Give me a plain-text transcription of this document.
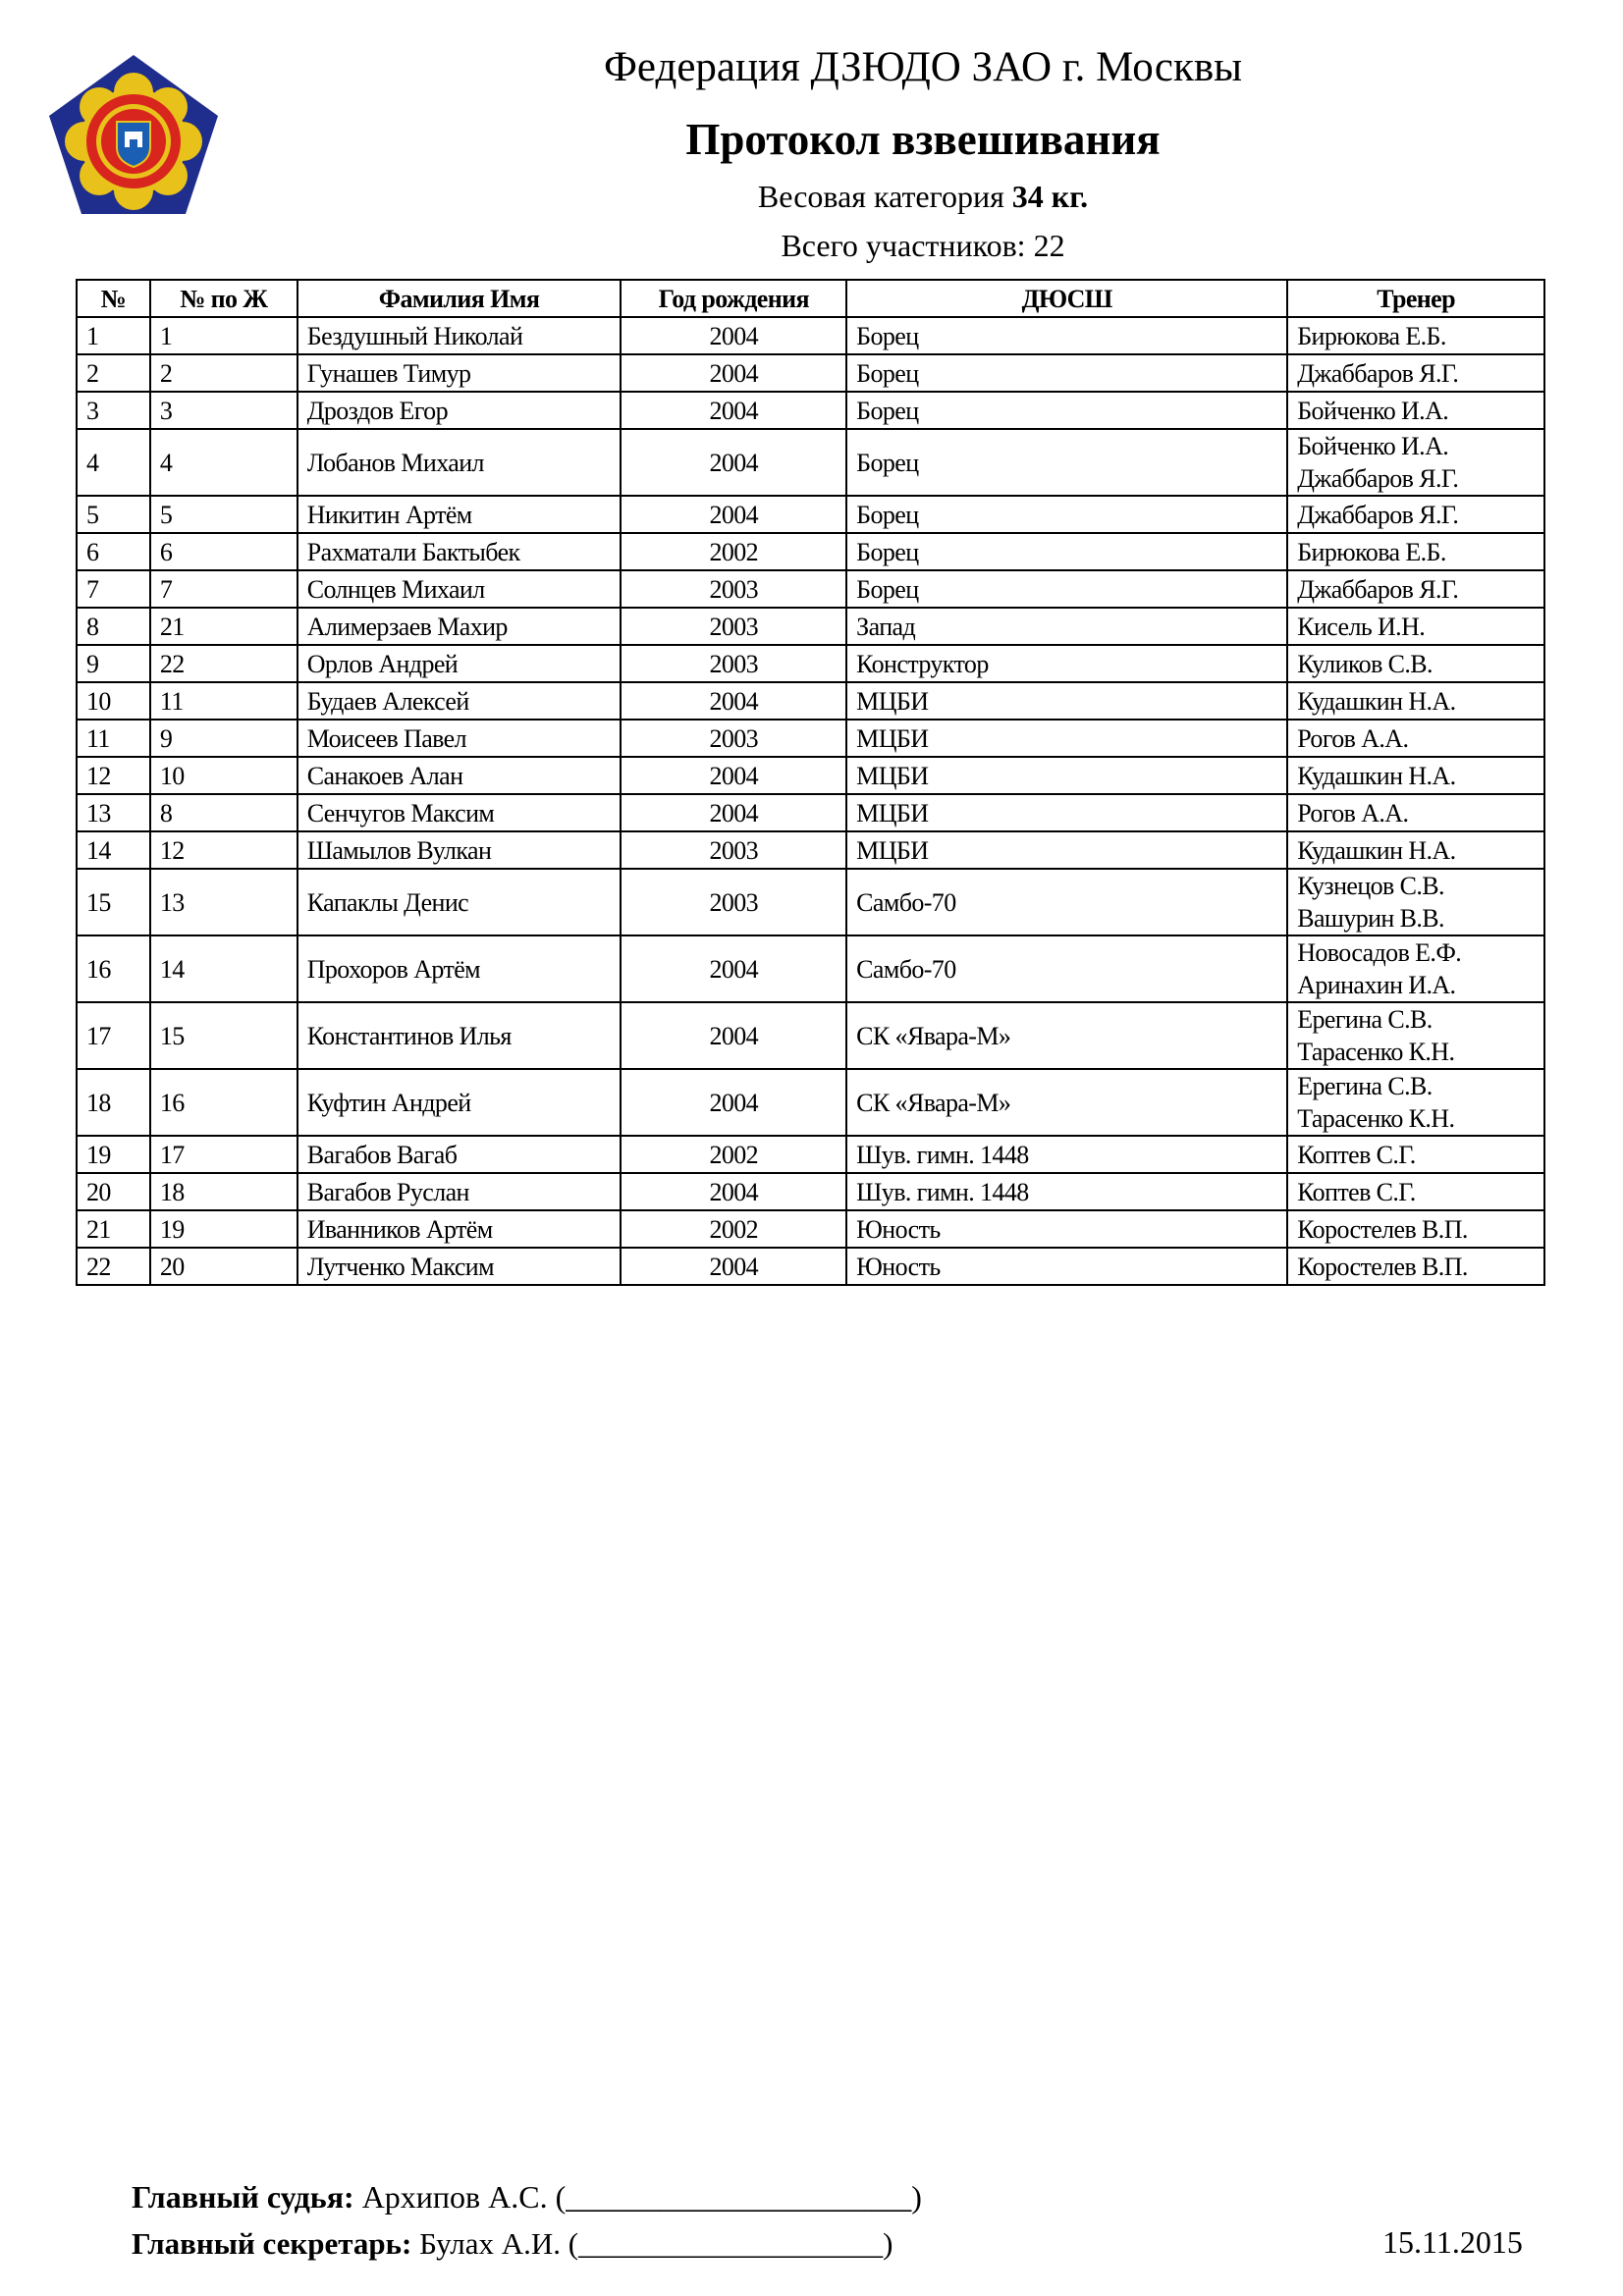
Федерация ДЗЮДО ЗАО г. Москвы
Протокол взвешивания
Весовая категория 34 кг.
Всего участников: 22
№	№ по Ж	Фамилия Имя	Год рождения	ДЮСШ	Тренер
1	1	Бездушный Николай	2004	Борец	Бирюкова Е.Б.

2	2	Гунашев Тимур	2004	Борец	Джаббаров Я.Г.

3	3	Дроздов Егор	2004	Борец	Бойченко И.А.

4	4	Лобанов Михаил	2004	Борец	Бойченко И.А.
Джаббаров Я.Г.

5	5	Никитин Артём	2004	Борец	Джаббаров Я.Г.

6	6	Рахматали Бактыбек	2002	Борец	Бирюкова Е.Б.

7	7	Солнцев Михаил	2003	Борец	Джаббаров Я.Г.

8	21	Алимерзаев Махир	2003	Запад	Кисель И.Н.

9	22	Орлов Андрей	2003	Конструктор	Куликов С.В.

10	11	Будаев Алексей	2004	МЦБИ	Кудашкин Н.А.

11	9	Моисеев Павел	2003	МЦБИ	Рогов А.А.

12	10	Санакоев Алан	2004	МЦБИ	Кудашкин Н.А.

13	8	Сенчугов Максим	2004	МЦБИ	Рогов А.А.

14	12	Шамылов Вулкан	2003	МЦБИ	Кудашкин Н.А.

15	13	Капаклы Денис	2003	Самбо-70	Кузнецов С.В.
Вашурин В.В.

16	14	Прохоров Артём	2004	Самбо-70	Новосадов Е.Ф.
Аринахин И.А.

17	15	Константинов Илья	2004	СК «Явара-М»	Ерегина С.В.
Тарасенко К.Н.

18	16	Куфтин Андрей	2004	СК «Явара-М»	Ерегина С.В.
Тарасенко К.Н.

19	17	Вагабов Вагаб	2002	Шув. гимн. 1448	Коптев С.Г.

20	18	Вагабов Руслан	2004	Шув. гимн. 1448	Коптев С.Г.

21	19	Иванников Артём	2002	Юность	Коростелев В.П.

22	20	Лутченко Максим	2004	Юность	Коростелев В.П.
Главный судья: Архипов А.С. (______________________)
Главный секретарь: Булах А.И. (____________________)	15.11.2015
